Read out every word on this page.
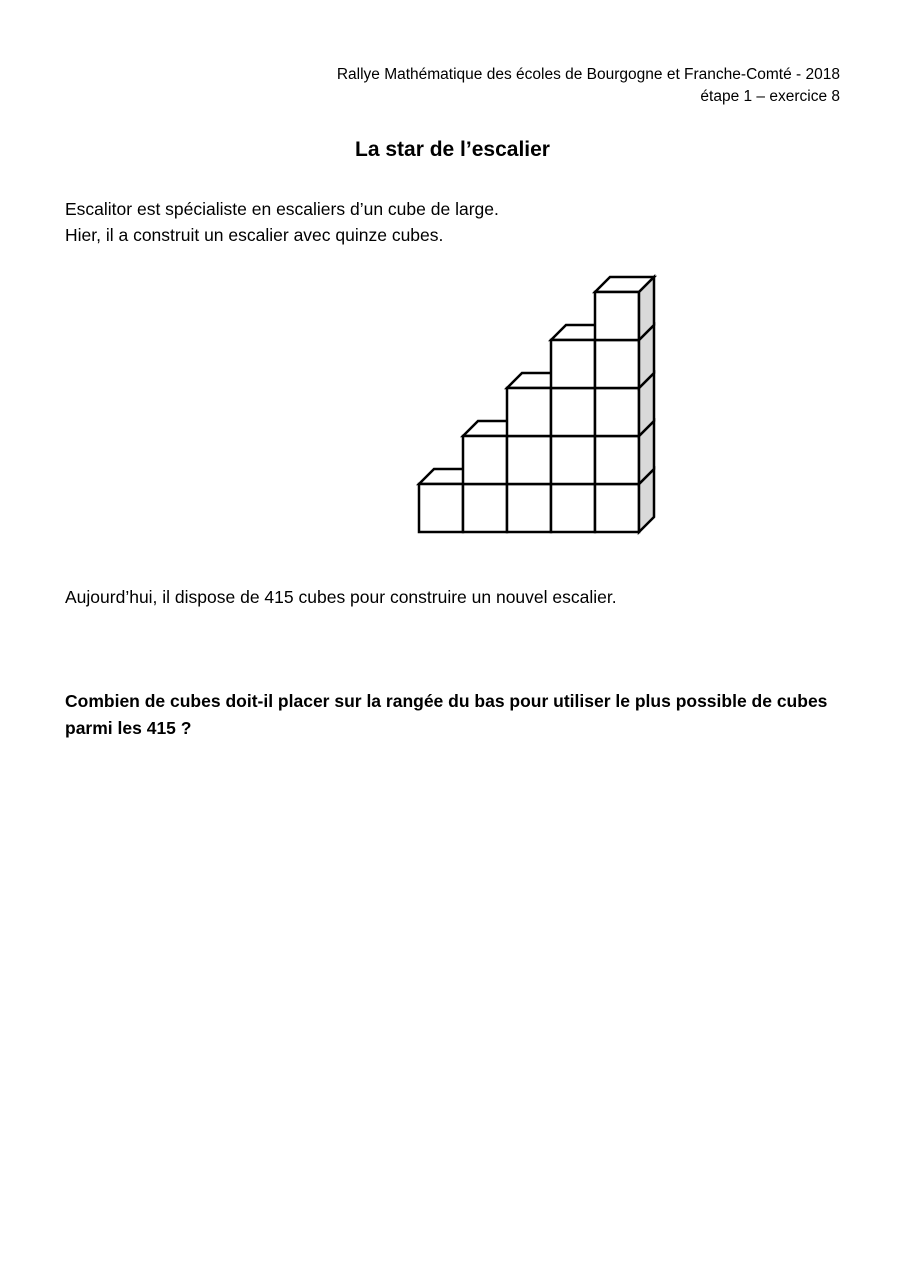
Rallye Mathématique des écoles de Bourgogne et Franche-Comté - 2018
étape 1 – exercice 8
La star de l’escalier
Escalitor est spécialiste en escaliers d’un cube de large.
Hier, il a construit un escalier avec quinze cubes.
Aujourd’hui, il dispose de 415 cubes pour construire un nouvel escalier.
Combien de cubes doit-il placer sur la rangée du bas pour utiliser le plus possible de cubes parmi les 415 ?
